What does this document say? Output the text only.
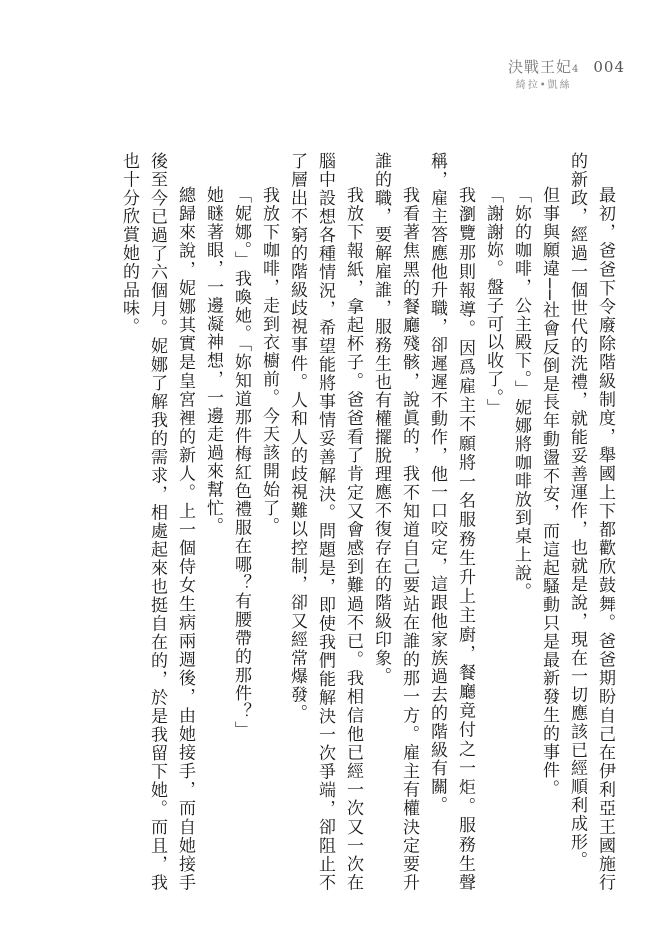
決戰王妃4
綺拉•凱絲
004

最初，爸爸下令廢除階級制度，舉國上下都歡欣鼓舞。爸爸期盼自己在伊利亞王國施行的新政，經過一個世代的洗禮，就能妥善運作，也就是說，現在一切應該已經順利成形。

但事與願違──社會反倒是長年動盪不安，而這起騷動只是最新發生的事件。

「妳的咖啡，公主殿下。」妮娜將咖啡放到桌上說。

「謝謝妳。盤子可以收了。」

我瀏覽那則報導。因爲雇主不願將一名服務生升上主廚，餐廳竟付之一炬。服務生聲稱，雇主答應他升職，卻遲遲不動作，他一口咬定，這跟他家族過去的階級有關。

我看著焦黑的餐廳殘骸，說眞的，我不知道自己要站在誰的那一方。雇主有權決定要升誰的職，要解雇誰，服務生也有權擺脫理應不復存在的階級印象。

我放下報紙，拿起杯子。爸爸看了肯定又會感到難過不已。我相信他已經一次又一次在腦中設想各種情況，希望能將事情妥善解決。問題是，即使我們能解決一次爭端，卻阻止不了層出不窮的階級歧視事件。人和人的歧視難以控制，卻又經常爆發。

我放下咖啡，走到衣櫥前。今天該開始了。

「妮娜。」我喚她。「妳知道那件梅紅色禮服在哪？有腰帶的那件？」

她瞇著眼，一邊凝神想，一邊走過來幫忙。

總歸來說，妮娜其實是皇宮裡的新人。上一個侍女生病兩週後，由她接手，而自她接手後至今已過了六個月。妮娜了解我的需求，相處起來也挺自在的，於是我留下她。而且，我也十分欣賞她的品味。
